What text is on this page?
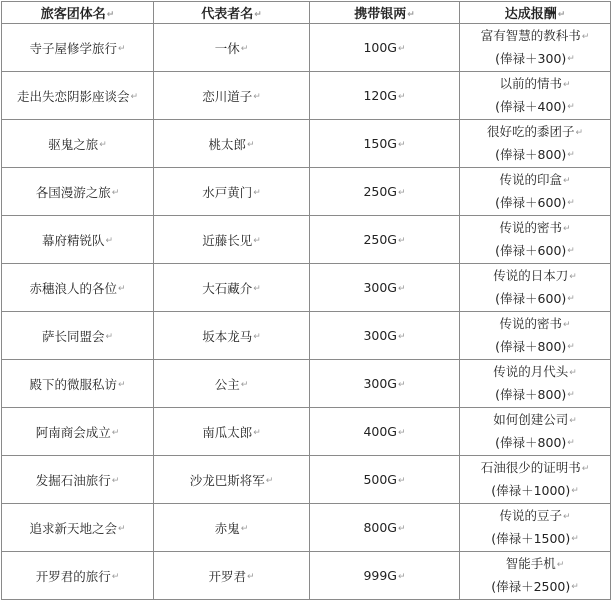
旅客团体名↵	代表者名↵	携带银两↵	达成报酬↵
寺子屋修学旅行↵	一休↵	100G↵	富有智慧的教科书↵
(俸禄＋300)↵

走出失恋阴影座谈会↵	恋川道子↵	120G↵	以前的情书↵
(俸禄＋400)↵

驱鬼之旅↵	桃太郎↵	150G↵	很好吃的黍团子↵
(俸禄＋800)↵

各国漫游之旅↵	水戸黄门↵	250G↵	传说的印盒↵
(俸禄＋600)↵

幕府精锐队↵	近藤长见↵	250G↵	传说的密书↵
(俸禄＋600)↵

赤穗浪人的各位↵	大石藏介↵	300G↵	传说的日本刀↵
(俸禄＋600)↵

萨长同盟会↵	坂本龙马↵	300G↵	传说的密书↵
(俸禄＋800)↵

殿下的微服私访↵	公主↵	300G↵	传说的月代头↵
(俸禄＋800)↵

阿南商会成立↵	南瓜太郎↵	400G↵	如何创建公司↵
(俸禄＋800)↵

发掘石油旅行↵	沙龙巴斯将军↵	500G↵	石油很少的证明书↵
(俸禄＋1000)↵

追求新天地之会↵	赤鬼↵	800G↵	传说的豆子↵
(俸禄＋1500)↵

开罗君的旅行↵	开罗君↵	999G↵	智能手机↵
(俸禄＋2500)↵
